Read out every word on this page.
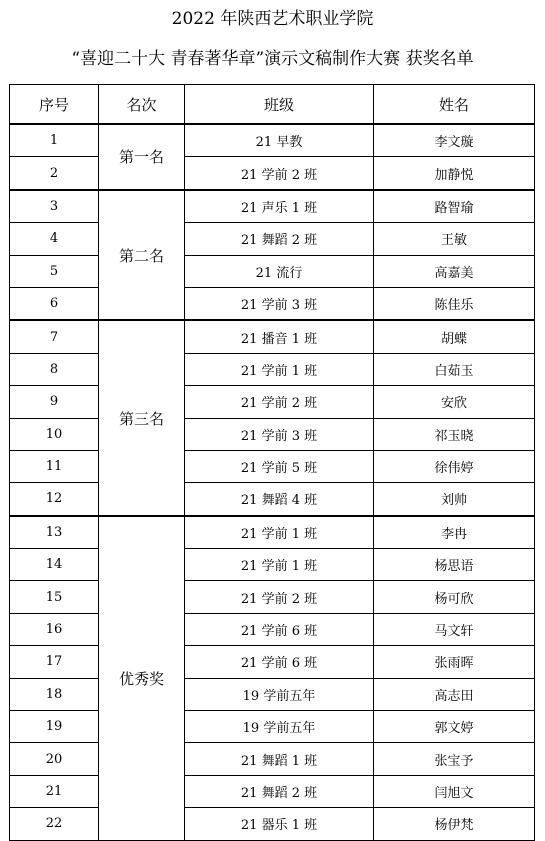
2022 年陕西艺术职业学院
“喜迎二十大 青春著华章”演示文稿制作大赛 获奖名单
序号	名次	班级	姓名
1	第一名	21 早教	李文璇
2		21 学前 2 班	加静悦
3	第二名	21 声乐 1 班	路智瑜
4		21 舞蹈 2 班	王敏
5		21 流行	高嘉美
6		21 学前 3 班	陈佳乐
7	第三名	21 播音 1 班	胡蝶
8		21 学前 1 班	白茹玉
9		21 学前 2 班	安欣
10		21 学前 3 班	祁玉晓
11		21 学前 5 班	徐伟婷
12		21 舞蹈 4 班	刘帅
13	优秀奖	21 学前 1 班	李冉
14		21 学前 1 班	杨思语
15		21 学前 2 班	杨可欣
16		21 学前 6 班	马文轩
17		21 学前 6 班	张雨晖
18		19 学前五年	高志田
19		19 学前五年	郭文婷
20		21 舞蹈 1 班	张宝予
21		21 舞蹈 2 班	闫旭文
22		21 器乐 1 班	杨伊梵
